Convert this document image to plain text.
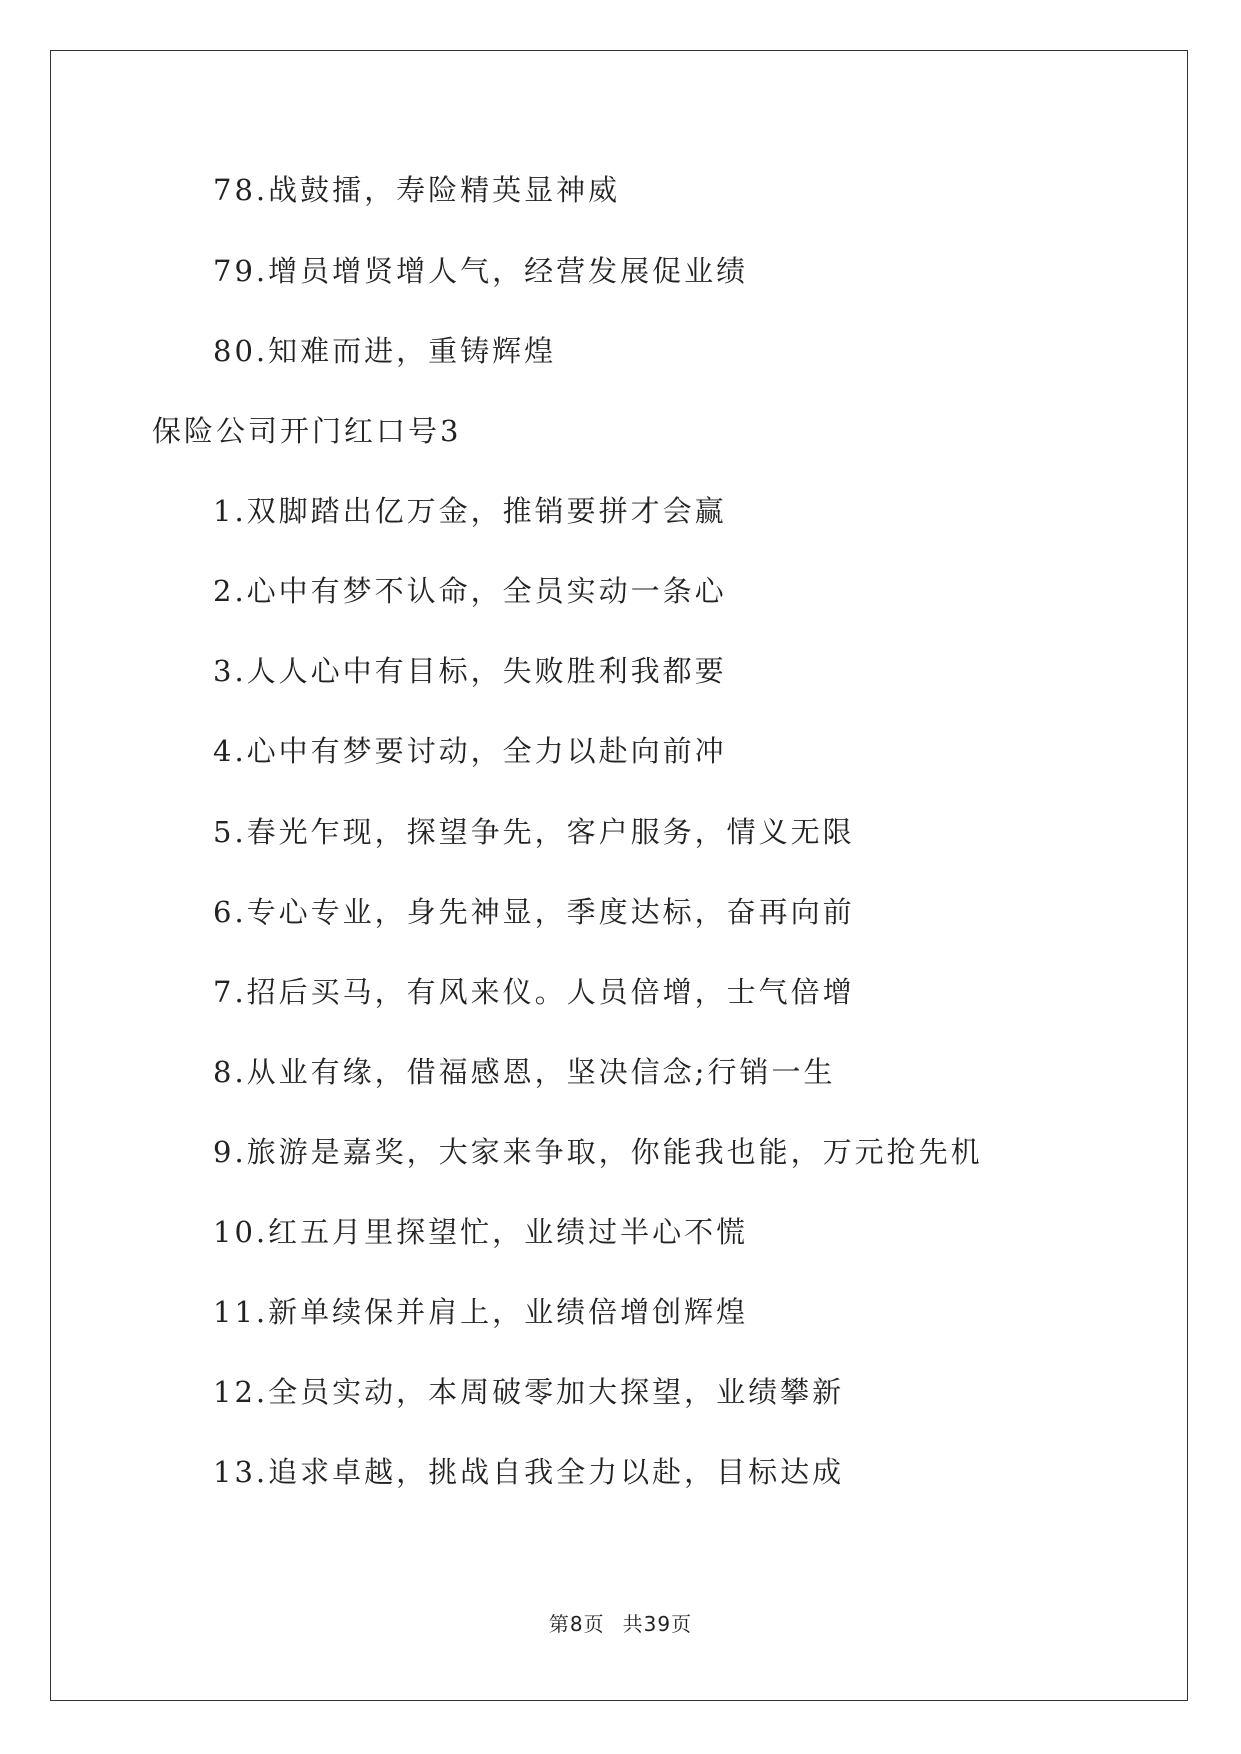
78.战鼓擂，寿险精英显神威
79.增员增贤增人气，经营发展促业绩
80.知难而进，重铸辉煌
保险公司开门红口号3
1.双脚踏出亿万金，推销要拼才会赢
2.心中有梦不认命，全员实动一条心
3.人人心中有目标，失败胜利我都要
4.心中有梦要讨动，全力以赴向前冲
5.春光乍现，探望争先，客户服务，情义无限
6.专心专业，身先神显，季度达标，奋再向前
7.招后买马，有风来仪。人员倍增，士气倍增
8.从业有缘，借福感恩，坚决信念;行销一生
9.旅游是嘉奖，大家来争取，你能我也能，万元抢先机
10.红五月里探望忙，业绩过半心不慌
11.新单续保并肩上，业绩倍增创辉煌
12.全员实动，本周破零加大探望，业绩攀新
13.追求卓越，挑战自我全力以赴，目标达成
第8页 共39页
